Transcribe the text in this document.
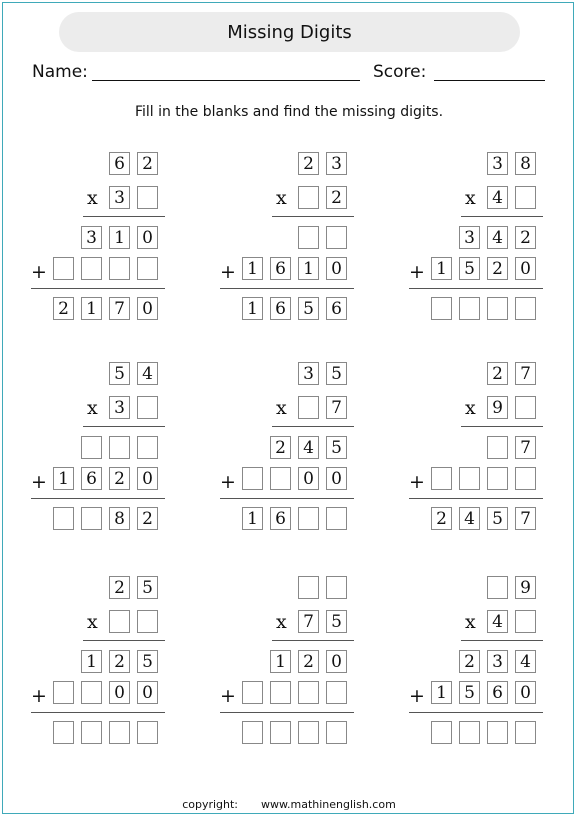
Missing Digits
Name:	Score:
Fill in the blanks and find the missing digits.
6 2
3
3 1 0
2 1 7 0
x
+
2 3
2
1 6 1 0
1 6 5 6
x
+
3 8
4
3 4 2
1 5 2 0
x
+
5 4
3
1 6 2 0
8 2
x
+
3 5
7
2 4 5
0 0
1 6
x
+
2 7
9
7
2 4 5 7
x
+
2 5
1 2 5
0 0
x
+
7 5
1 2 0
x
+
9
4
2 3 4
1 5 6 0
x
+
copyright: www.mathinenglish.com
